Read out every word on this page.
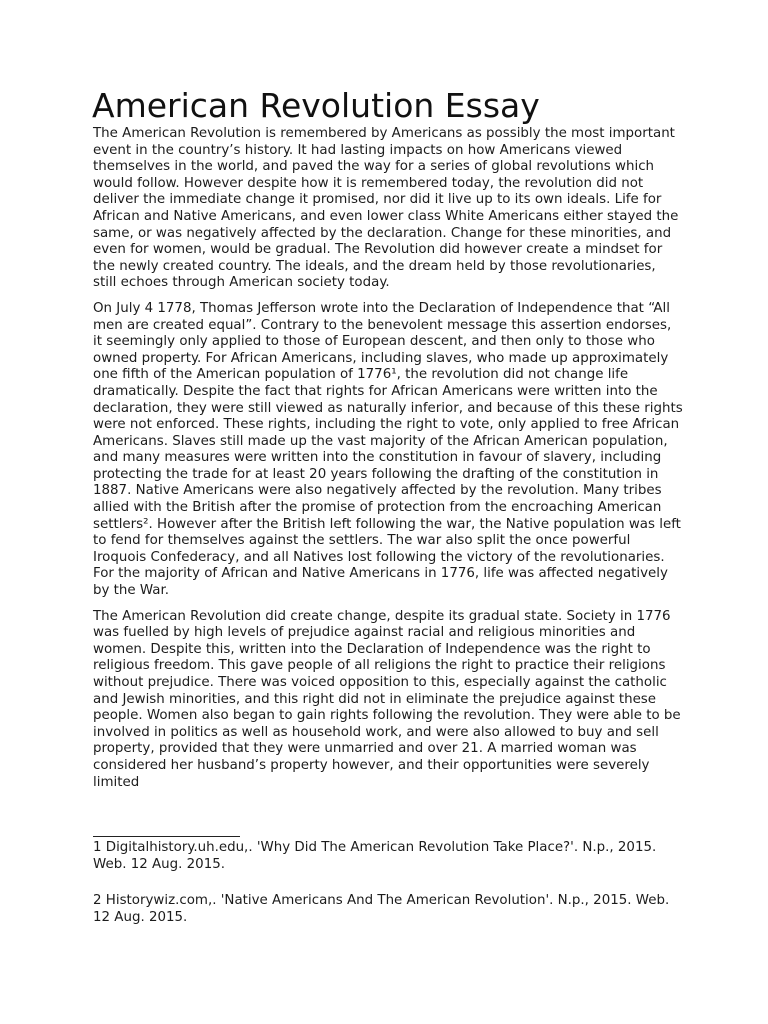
American Revolution Essay

The American Revolution is remembered by Americans as possibly the most important event in the country’s history. It had lasting impacts on how Americans viewed themselves in the world, and paved the way for a series of global revolutions which would follow. However despite how it is remembered today, the revolution did not deliver the immediate change it promised, nor did it live up to its own ideals. Life for African and Native Americans, and even lower class White Americans either stayed the same, or was negatively affected by the declaration. Change for these minorities, and even for women, would be gradual. The Revolution did however create a mindset for the newly created country. The ideals, and the dream held by those revolutionaries, still echoes through American society today.

On July 4 1778, Thomas Jefferson wrote into the Declaration of Independence that “All men are created equal”. Contrary to the benevolent message this assertion endorses, it seemingly only applied to those of European descent, and then only to those who owned property. For African Americans, including slaves, who made up approximately one fifth of the American population of 1776¹, the revolution did not change life dramatically. Despite the fact that rights for African Americans were written into the declaration, they were still viewed as naturally inferior, and because of this these rights were not enforced. These rights, including the right to vote, only applied to free African Americans. Slaves still made up the vast majority of the African American population, and many measures were written into the constitution in favour of slavery, including protecting the trade for at least 20 years following the drafting of the constitution in 1887. Native Americans were also negatively affected by the revolution. Many tribes allied with the British after the promise of protection from the encroaching American settlers². However after the British left following the war, the Native population was left to fend for themselves against the settlers. The war also split the once powerful Iroquois Confederacy, and all Natives lost following the victory of the revolutionaries. For the majority of African and Native Americans in 1776, life was affected negatively by the War.

The American Revolution did create change, despite its gradual state. Society in 1776 was fuelled by high levels of prejudice against racial and religious minorities and women. Despite this, written into the Declaration of Independence was the right to religious freedom. This gave people of all religions the right to practice their religions without prejudice. There was voiced opposition to this, especially against the catholic and Jewish minorities, and this right did not in eliminate the prejudice against these people. Women also began to gain rights following the revolution. They were able to be involved in politics as well as household work, and were also allowed to buy and sell property, provided that they were unmarried and over 21. A married woman was considered her husband’s property however, and their opportunities were severely limited

1 Digitalhistory.uh.edu,. 'Why Did The American Revolution Take Place?'. N.p., 2015. Web. 12 Aug. 2015.

2 Historywiz.com,. 'Native Americans And The American Revolution'. N.p., 2015. Web. 12 Aug. 2015.
